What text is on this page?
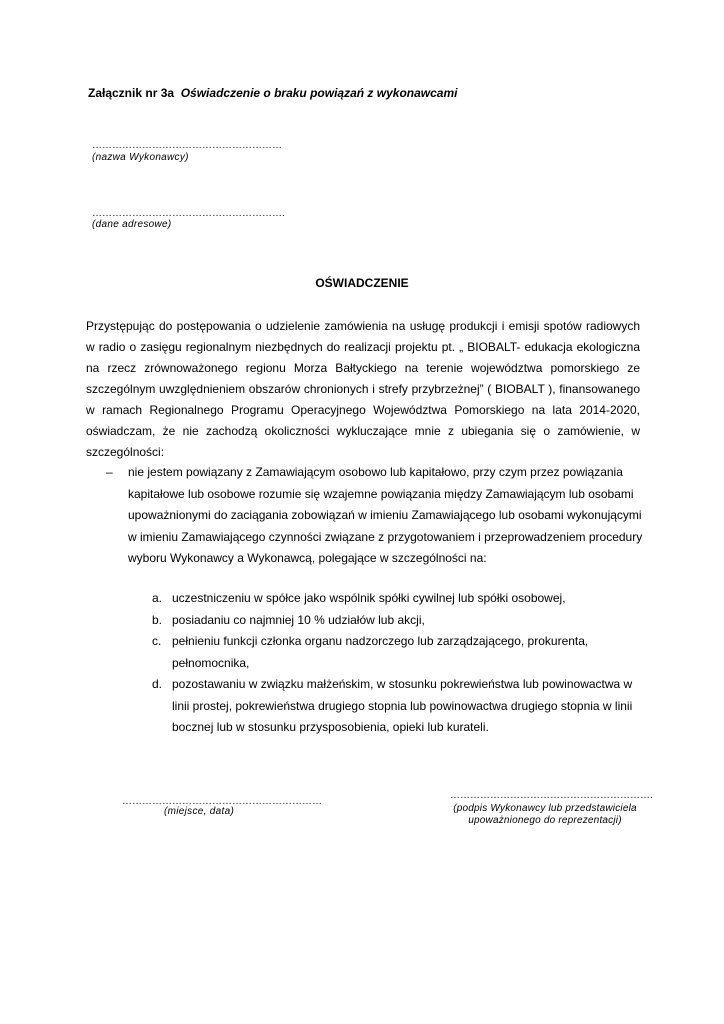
Załącznik nr 3a Oświadczenie o braku powiązań z wykonawcami
…………………………………………………
(nazwa Wykonawcy)
………………………………………………….
(dane adresowe)
OŚWIADCZENIE
Przystępując do postępowania o udzielenie zamówienia na usługę produkcji i emisji spotów radiowych w radio o zasięgu regionalnym niezbędnych do realizacji projektu pt. „ BIOBALT- edukacja ekologiczna na rzecz zrównoważonego regionu Morza Bałtyckiego na terenie województwa pomorskiego ze szczególnym uwzględnieniem obszarów chronionych i strefy przybrzeżnej” ( BIOBALT ), finansowanego w ramach Regionalnego Programu Operacyjnego Województwa Pomorskiego na lata 2014-2020, oświadczam, że nie zachodzą okoliczności wykluczające mnie z ubiegania się o zamówienie, w szczególności:
– nie jestem powiązany z Zamawiającym osobowo lub kapitałowo, przy czym przez powiązania kapitałowe lub osobowe rozumie się wzajemne powiązania między Zamawiającym lub osobami upoważnionymi do zaciągania zobowiązań w imieniu Zamawiającego lub osobami wykonującymi w imieniu Zamawiającego czynności związane z przygotowaniem i przeprowadzeniem procedury wyboru Wykonawcy a Wykonawcą, polegające w szczególności na:
a. uczestniczeniu w spółce jako wspólnik spółki cywilnej lub spółki osobowej,
b. posiadaniu co najmniej 10 % udziałów lub akcji,
c. pełnieniu funkcji członka organu nadzorczego lub zarządzającego, prokurenta, pełnomocnika,
d. pozostawaniu w związku małżeńskim, w stosunku pokrewieństwa lub powinowactwa w linii prostej, pokrewieństwa drugiego stopnia lub powinowactwa drugiego stopnia w linii bocznej lub w stosunku przysposobienia, opieki lub kurateli.
……………………………………………………
(miejsce, data)
…………………………………………………….
(podpis Wykonawcy lub przedstawiciela upoważnionego do reprezentacji)
